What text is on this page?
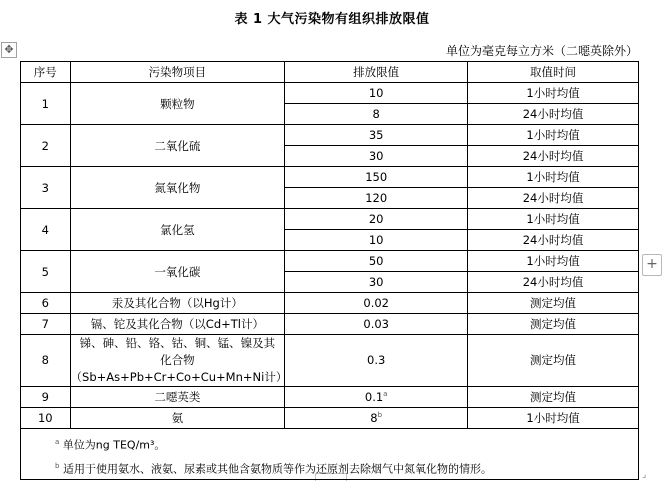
表 1 大气污染物有组织排放限值
单位为毫克每立方米（二噁英除外）
✥
+
⌟
序号	污染物项目	排放限值	取值时间
1	颗粒物	10	1小时均值
		8	24小时均值
2	二氧化硫	35	1小时均值
		30	24小时均值
3	氮氧化物	150	1小时均值
		120	24小时均值
4	氯化氢	20	1小时均值
		10	24小时均值
5	一氧化碳	50	1小时均值
		30	24小时均值
6	汞及其化合物（以Hg计）	0.02	测定均值
7	镉、铊及其化合物（以Cd+Tl计）	0.03	测定均值
8	锑、砷、铅、铬、钴、铜、锰、镍及其
化合物（Sb+As+Pb+Cr+Co+Cu+Mn+Ni计）	0.3	测定均值
9	二噁英类	0.1$^a$	测定均值
10	氨	8$^b$	1小时均值

$^a$ 单位为ng TEQ/m³。
$^b$ 适用于使用氨水、液氨、尿素或其他含氨物质等作为还原剂去除烟气中氮氧化物的情形。			
